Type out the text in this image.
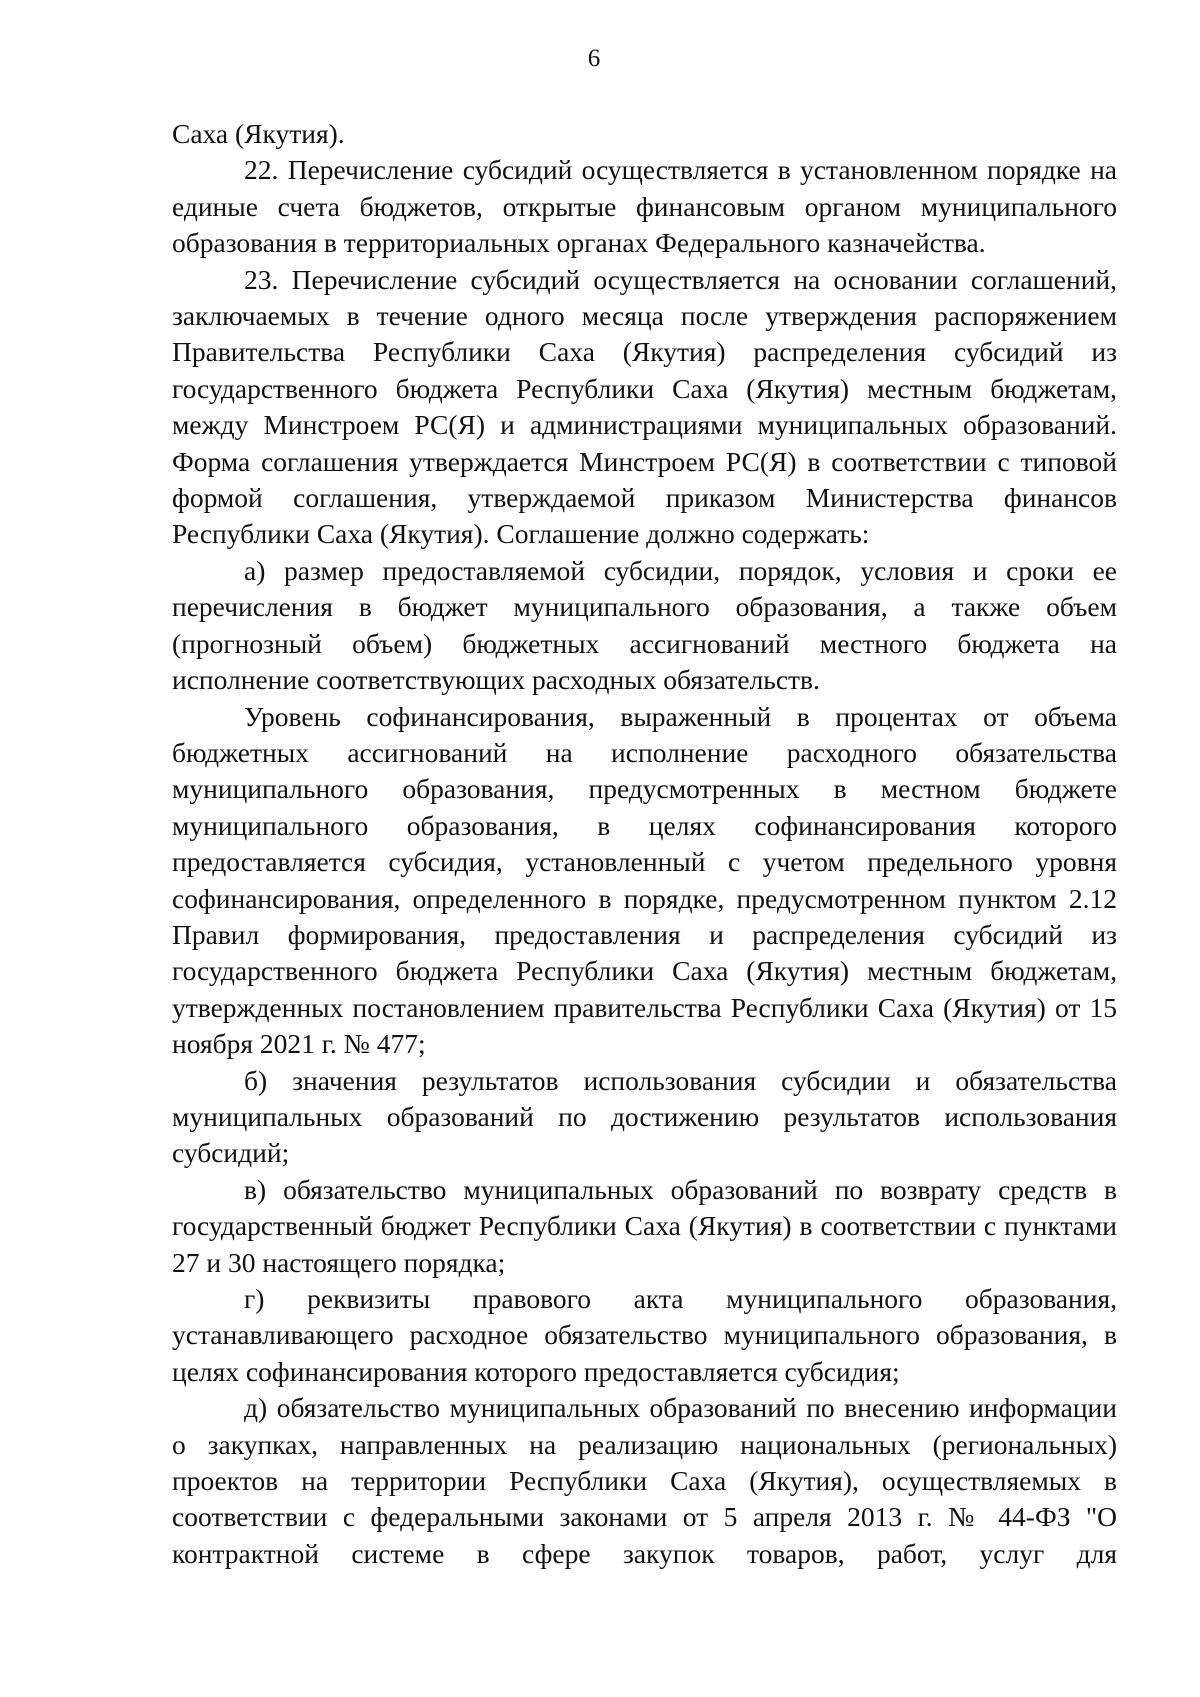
6

Саха (Якутия).

22. Перечисление субсидий осуществляется в установленном порядке на единые счета бюджетов, открытые финансовым органом муниципального образования в территориальных органах Федерального казначейства.

23. Перечисление субсидий осуществляется на основании соглашений, заключаемых в течение одного месяца после утверждения распоряжением Правительства Республики Саха (Якутия) распределения субсидий из государственного бюджета Республики Саха (Якутия) местным бюджетам, между Минстроем РС(Я) и администрациями муниципальных образований. Форма соглашения утверждается Минстроем РС(Я) в соответствии с типовой формой соглашения, утверждаемой приказом Министерства финансов Республики Саха (Якутия). Соглашение должно содержать:

а) размер предоставляемой субсидии, порядок, условия и сроки ее перечисления в бюджет муниципального образования, а также объем (прогнозный объем) бюджетных ассигнований местного бюджета на исполнение соответствующих расходных обязательств.

Уровень софинансирования, выраженный в процентах от объема бюджетных ассигнований на исполнение расходного обязательства муниципального образования, предусмотренных в местном бюджете муниципального образования, в целях софинансирования которого предоставляется субсидия, установленный с учетом предельного уровня софинансирования, определенного в порядке, предусмотренном пунктом 2.12 Правил формирования, предоставления и распределения субсидий из государственного бюджета Республики Саха (Якутия) местным бюджетам, утвержденных постановлением правительства Республики Саха (Якутия) от 15 ноября 2021 г. № 477;

б) значения результатов использования субсидии и обязательства муниципальных образований по достижению результатов использования субсидий;

в) обязательство муниципальных образований по возврату средств в государственный бюджет Республики Саха (Якутия) в соответствии с пунктами 27 и 30 настоящего порядка;

г) реквизиты правового акта муниципального образования, устанавливающего расходное обязательство муниципального образования, в целях софинансирования которого предоставляется субсидия;

д) обязательство муниципальных образований по внесению информации о закупках, направленных на реализацию национальных (региональных) проектов на территории Республики Саха (Якутия), осуществляемых в соответствии с федеральными законами от 5 апреля 2013 г. № 44-ФЗ "О контрактной системе в сфере закупок товаров, работ, услуг для
